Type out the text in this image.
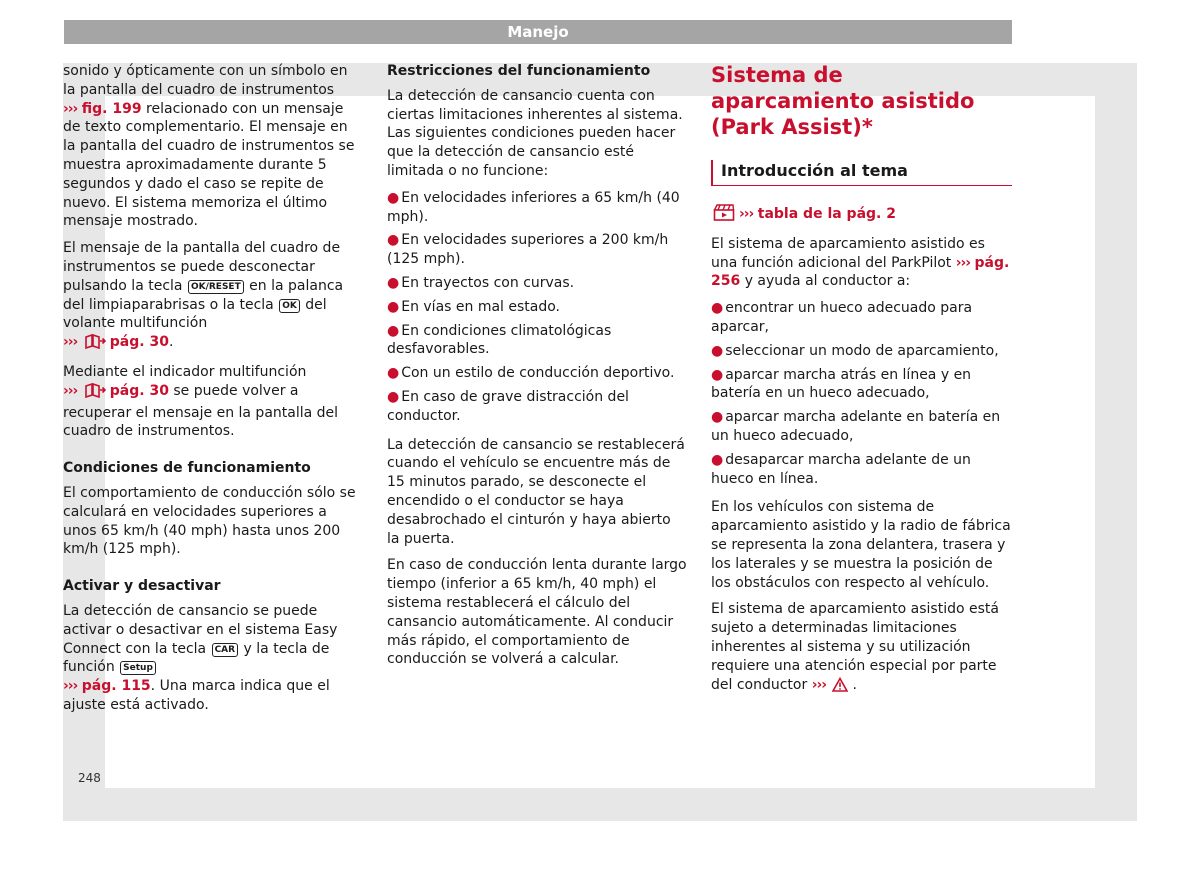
Manejo

sonido y ópticamente con un símbolo en la pantalla del cuadro de instrumentos
››› fig. 199 relacionado con un mensaje de texto complementario. El mensaje en la pantalla del cuadro de instrumentos se muestra aproximadamente durante 5 segundos y dado el caso se repite de nuevo. El sistema memoriza el último mensaje mostrado.

El mensaje de la pantalla del cuadro de instrumentos se puede desconectar pulsando la tecla OK/RESET en la palanca del limpiaparabrisas o la tecla OK del volante multifunción
››› pág. 30.

Mediante el indicador multifunción
››› pág. 30 se puede volver a recuperar el mensaje en la pantalla del cuadro de instrumentos.

Condiciones de funcionamiento

El comportamiento de conducción sólo se calculará en velocidades superiores a unos 65 km/h (40 mph) hasta unos 200 km/h (125 mph).

Activar y desactivar

La detección de cansancio se puede activar o desactivar en el sistema Easy Connect con la tecla CAR y la tecla de función Setup
››› pág. 115. Una marca indica que el ajuste está activado.

Restricciones del funcionamiento

La detección de cansancio cuenta con ciertas limitaciones inherentes al sistema. Las siguientes condiciones pueden hacer que la detección de cansancio esté limitada o no funcione:

● En velocidades inferiores a 65 km/h (40 mph).
● En velocidades superiores a 200 km/h (125 mph).
● En trayectos con curvas.
● En vías en mal estado.
● En condiciones climatológicas desfavorables.
● Con un estilo de conducción deportivo.
● En caso de grave distracción del conductor.

La detección de cansancio se restablecerá cuando el vehículo se encuentre más de 15 minutos parado, se desconecte el encendido o el conductor se haya desabrochado el cinturón y haya abierto la puerta.

En caso de conducción lenta durante largo tiempo (inferior a 65 km/h, 40 mph) el sistema restablecerá el cálculo del cansancio automáticamente. Al conducir más rápido, el comportamiento de conducción se volverá a calcular.

Sistema de aparcamiento asistido (Park Assist)*
Introducción al tema
››› tabla de la pág. 2

El sistema de aparcamiento asistido es una función adicional del ParkPilot ››› pág. 256 y ayuda al conductor a:

● encontrar un hueco adecuado para aparcar,
● seleccionar un modo de aparcamiento,
● aparcar marcha atrás en línea y en batería en un hueco adecuado,
● aparcar marcha adelante en batería en un hueco adecuado,
● desaparcar marcha adelante de un hueco en línea.

En los vehículos con sistema de aparcamiento asistido y la radio de fábrica se representa la zona delantera, trasera y los laterales y se muestra la posición de los obstáculos con respecto al vehículo.

El sistema de aparcamiento asistido está sujeto a determinadas limitaciones inherentes al sistema y su utilización requiere una atención especial por parte del conductor ››› .

248
